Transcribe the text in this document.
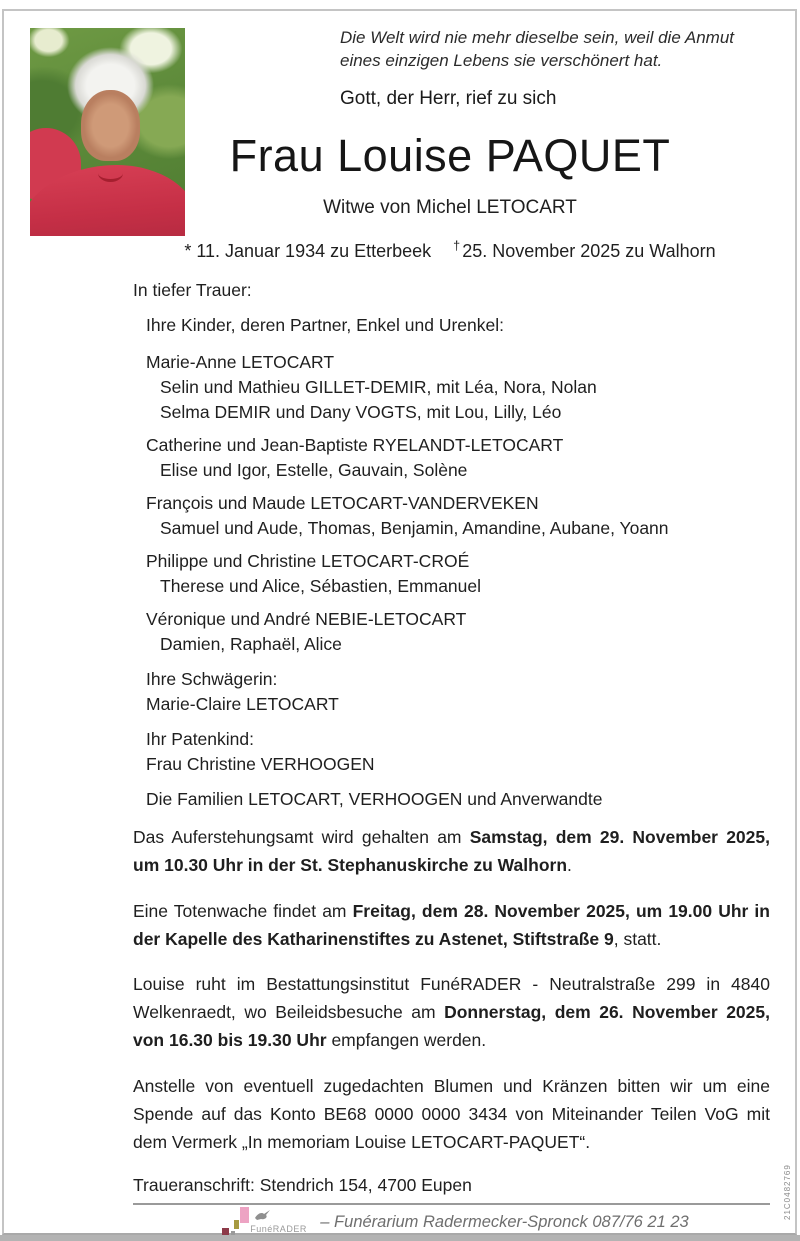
Die Welt wird nie mehr dieselbe sein, weil die Anmut
eines einzigen Lebens sie verschönert hat.
Gott, der Herr, rief zu sich
Frau Louise PAQUET
Witwe von Michel LETOCART
* 11. Januar 1934 zu Etterbeek † 25. November 2025 zu Walhorn
In tiefer Trauer:
Ihre Kinder, deren Partner, Enkel und Urenkel:
Marie-Anne LETOCART
Selin und Mathieu GILLET-DEMIR, mit Léa, Nora, Nolan
Selma DEMIR und Dany VOGTS, mit Lou, Lilly, Léo
Catherine und Jean-Baptiste RYELANDT-LETOCART
Elise und Igor, Estelle, Gauvain, Solène
François und Maude LETOCART-VANDERVEKEN
Samuel und Aude, Thomas, Benjamin, Amandine, Aubane, Yoann
Philippe und Christine LETOCART-CROÉ
Therese und Alice, Sébastien, Emmanuel
Véronique und André NEBIE-LETOCART
Damien, Raphaël, Alice
Ihre Schwägerin:
Marie-Claire LETOCART
Ihr Patenkind:
Frau Christine VERHOOGEN
Die Familien LETOCART, VERHOOGEN und Anverwandte

Das Auferstehungsamt wird gehalten am Samstag, dem 29. November 2025, um 10.30 Uhr in der St. Stephanuskirche zu Walhorn.

Eine Totenwache findet am Freitag, dem 28. November 2025, um 19.00 Uhr in der Kapelle des Katharinenstiftes zu Astenet, Stiftstraße 9, statt.

Louise ruht im Bestattungsinstitut FunéRADER - Neutralstraße 299 in 4840 Welkenraedt, wo Beileidsbesuche am Donnerstag, dem 26. November 2025, von 16.30 bis 19.30 Uhr empfangen werden.

Anstelle von eventuell zugedachten Blumen und Kränzen bitten wir um eine Spende auf das Konto BE68 0000 0000 3434 von Miteinander Teilen VoG mit dem Vermerk „In memoriam Louise LETOCART-PAQUET“.

Traueranschrift: Stendrich 154, 4700 Eupen
FunéRADER – Funérarium Radermecker-Spronck 087/76 21 23
21C0482769
